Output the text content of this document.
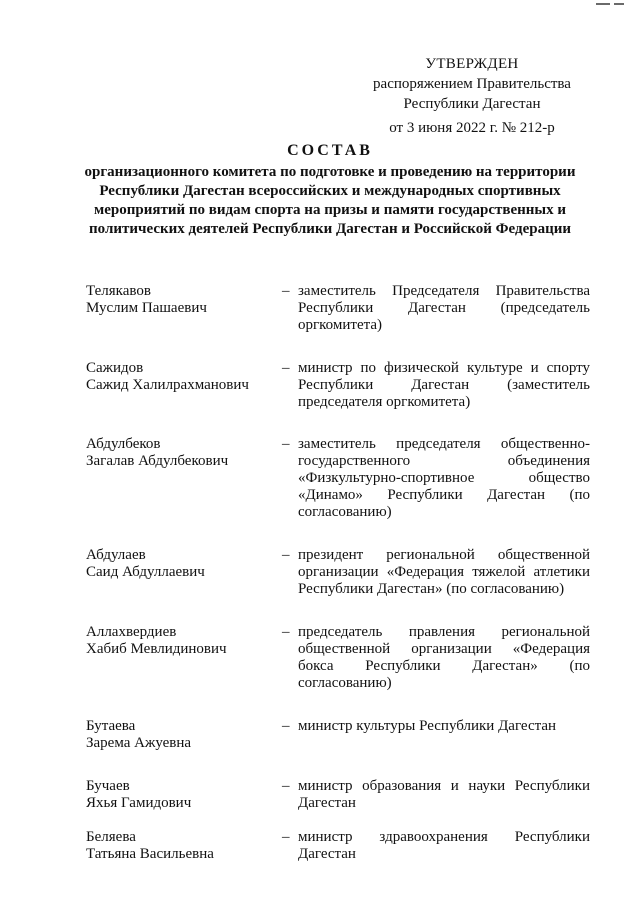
УТВЕРЖДЕН
распоряжением Правительства
Республики Дагестан
от 3 июня 2022 г. № 212-р
СОСТАВ
организационного комитета по подготовке и проведению на территории Республики Дагестан всероссийских и международных спортивных мероприятий по видам спорта на призы и памяти государственных и политических деятелей Республики Дагестан и Российской Федерации
Телякавов
Муслим Пашаевич
– заместитель Председателя Правительства Республики Дагестан (председатель оргкомитета)
Сажидов
Сажид Халилрахманович
– министр по физической культуре и спорту Республики Дагестан (заместитель председателя оргкомитета)
Абдулбеков
Загалав Абдулбекович
– заместитель председателя общественно-государственного объединения «Физкультурно-спортивное общество «Динамо» Республики Дагестан (по согласованию)
Абдулаев
Саид Абдуллаевич
– президент региональной общественной организации «Федерация тяжелой атлетики Республики Дагестан» (по согласованию)
Аллахвердиев
Хабиб Мевлидинович
– председатель правления региональной общественной организации «Федерация бокса Республики Дагестан» (по согласованию)
Бутаева
Зарема Ажуевна
– министр культуры Республики Дагестан
Бучаев
Яхья Гамидович
– министр образования и науки Республики Дагестан
Беляева
Татьяна Васильевна
– министр здравоохранения Республики Дагестан
